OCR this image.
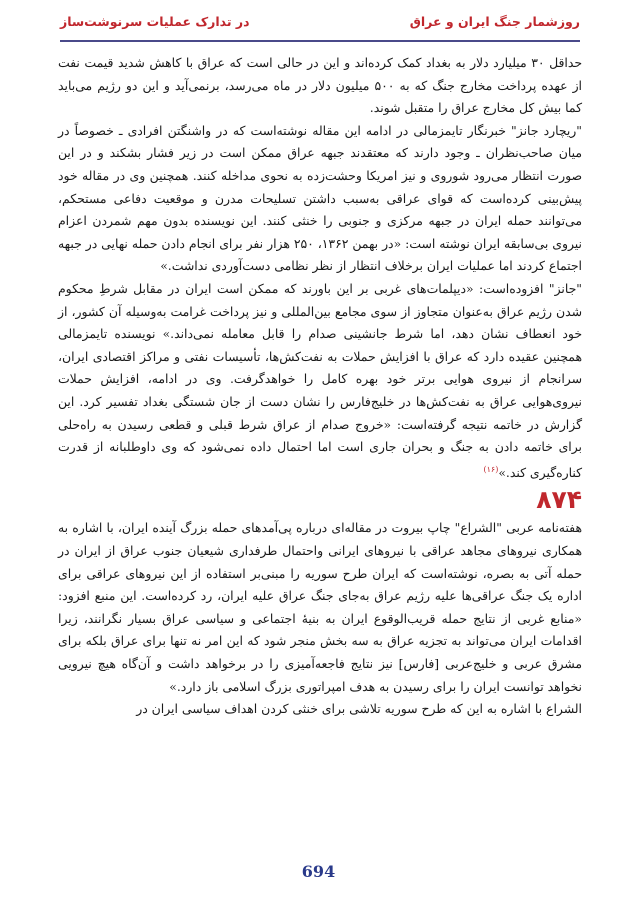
روزشمار جنگ ایران و عراق
در تدارک عملیات سرنوشت‌ساز

حداقل ۳۰ میلیارد دلار به بغداد کمک کرده‌اند و این در حالی است که عراق با کاهش شدید قیمت نفت از عهده پرداخت مخارج جنگ که به ۵۰۰ میلیون دلار در ماه می‌رسد، برنمی‌آید و این دو رژیم می‌باید کما بیش کل مخارج عراق را متقبل شوند.

"ریچارد جانز" خبرنگار تایمز‌مالی در ادامه این مقاله نوشته‌است که در واشنگتن افرادی ـ خصوصاً در میان صاحب‌نظران ـ وجود دارند که معتقدند جبهه عراق ممکن است در زیر فشار بشکند و در این صورت انتظار می‌رود شوروی و نیز امریکا وحشت‌زده به نحوی مداخله کنند. همچنین وی در مقاله خود پیش‌بینی کرده‌است که قوای عراقی به‌سبب داشتن تسلیحات مدرن و موقعیت دفاعی مستحکم، می‌توانند حمله ایران در جبهه مرکزی و جنوبی را خنثی کنند. این نویسنده بدون مهم شمردن اعزام نیروی بی‌سابقه ایران نوشته است: «در بهمن ۱۳۶۲، ۲۵۰ هزار نفر برای انجام دادن حمله نهایی در جبهه اجتماع کردند اما عملیات ایران برخلاف انتظار از نظر نظامی دست‌آوردی نداشت.»

"جانز" افزوده‌است: «دیپلمات‌های غربی بر این باورند که ممکن است ایران در مقابل شرطِ محکوم شدن رژیم عراق به‌عنوان متجاوز از سوی مجامع بین‌المللی و نیز پرداخت غرامت به‌وسیله آن کشور، از خود انعطاف نشان دهد، اما شرط جانشینی صدام را قابل معامله نمی‌داند.» نویسنده تایمزمالی همچنین عقیده دارد که عراق با افزایش حملات به نفت‌کش‌ها، تأسیسات نفتی و مراکز اقتصادی ایران، سرانجام از نیروی هوایی برتر خود بهره کامل را خواهدگرفت. وی در ادامه، افزایش حملات نیروی‌هوایی عراق به نفت‌کش‌ها در خلیج‌فارس را نشان دست از جان شستگی بغداد تفسیر کرد. این گزارش در خاتمه نتیجه گرفته‌است: «خروج صدام از عراق شرط قبلی و قطعی رسیدن به راه‌حلی برای خاتمه دادن به جنگ و بحران جاری است اما احتمال داده نمی‌شود که وی داوطلبانه از قدرت کناره‌گیری کند.»$^{(۱۶)}$

۸۷۴

هفته‌نامه عربی "الشراع" چاپ بیروت در مقاله‌ای درباره پی‌آمدهای حمله بزرگ آینده ایران، با اشاره به همکاری نیروهای مجاهد عراقی با نیروهای ایرانی واحتمال طرفداری شیعیان جنوب عراق از ایران در حمله آتی به بصره، نوشته‌است که ایران طرح سوریه را مبنی‌بر استفاده از این نیروهای عراقی برای اداره یک جنگ عراقی‌ها علیه رژیم عراق به‌جای جنگ عراق علیه ایران، رد کرده‌است. این منبع افزود: «منابع غربی از نتایج حمله قریب‌الوقوع ایران به بنیهٔ اجتماعی و سیاسی عراق بسیار نگرانند، زیرا اقدامات ایران می‌تواند به تجزیه عراق به سه بخش منجر شود که این امر نه تنها برای عراق بلکه برای مشرق عربی و خلیج‌عربی [فارس] نیز نتایج فاجعه‌آمیزی را در برخواهد داشت و آن‌گاه هیچ نیرویی نخواهد توانست ایران را برای رسیدن به هدف امپراتوری بزرگ اسلامی باز دارد.»

الشراع با اشاره به این که طرح سوریه تلاشی برای خنثی کردن اهداف سیاسی ایران در

694
